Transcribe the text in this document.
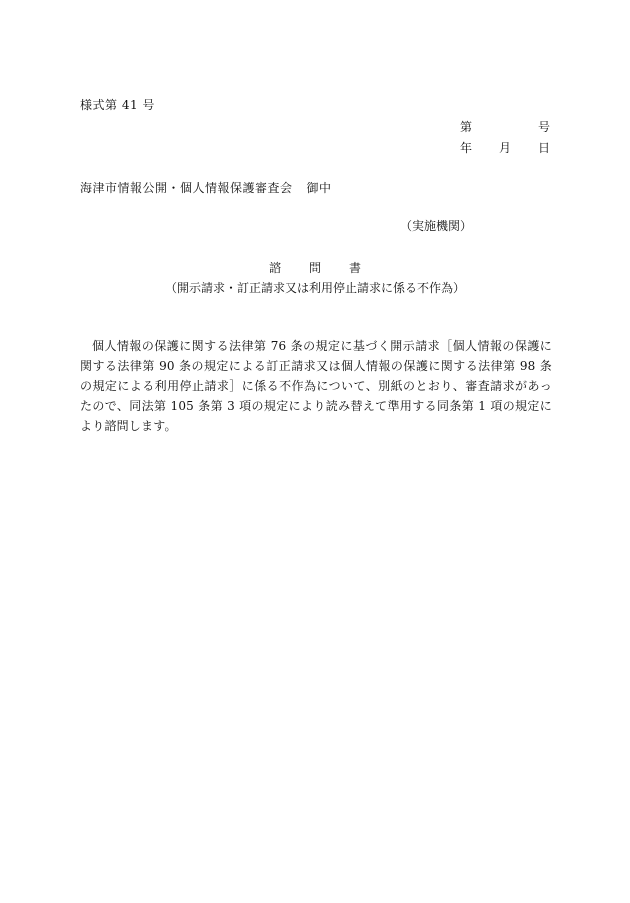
様式第 41 号
第	号
年 月 日
海津市情報公開・個人情報保護審査会 御中
（実施機関）
諮 問 書
（開示請求・訂正請求又は利用停止請求に係る不作為）
個人情報の保護に関する法律第 76 条の規定に基づく開示請求［個人情報の保護に関する法律第 90 条の規定による訂正請求又は個人情報の保護に関する法律第 98 条の規定による利用停止請求］に係る不作為について、別紙のとおり、審査請求があったので、同法第 105 条第 3 項の規定により読み替えて準用する同条第 1 項の規定により諮問します。
